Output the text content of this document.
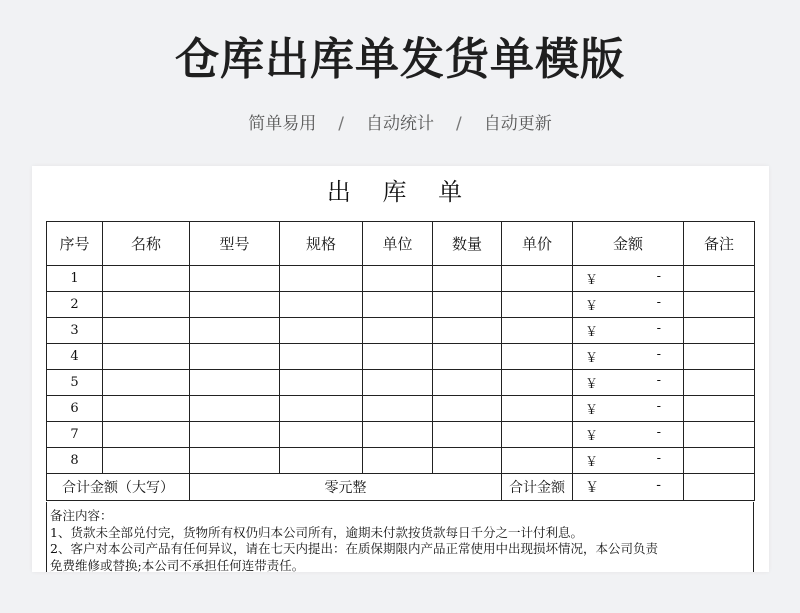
仓库出库单发货单模版
简单易用 / 自动统计 / 自动更新
出 库 单
序号	名称	型号	规格	单位	数量	单价	金额	备注
1							￥ -	

2							￥ -	

3							￥ -	

4							￥ -	

5							￥ -	

6							￥ -	

7							￥ -	

8							￥ -	

合计金额（大写）		零元整				合计金额	￥ -	

备注内容：
1、货款未全部兑付完，货物所有权仍归本公司所有，逾期未付款按货款每日千分之一计付利息。
2、客户对本公司产品有任何异议，请在七天内提出：在质保期限内产品正常使用中出现损坏情况，本公司负责
免费维修或替换;本公司不承担任何连带责任。
